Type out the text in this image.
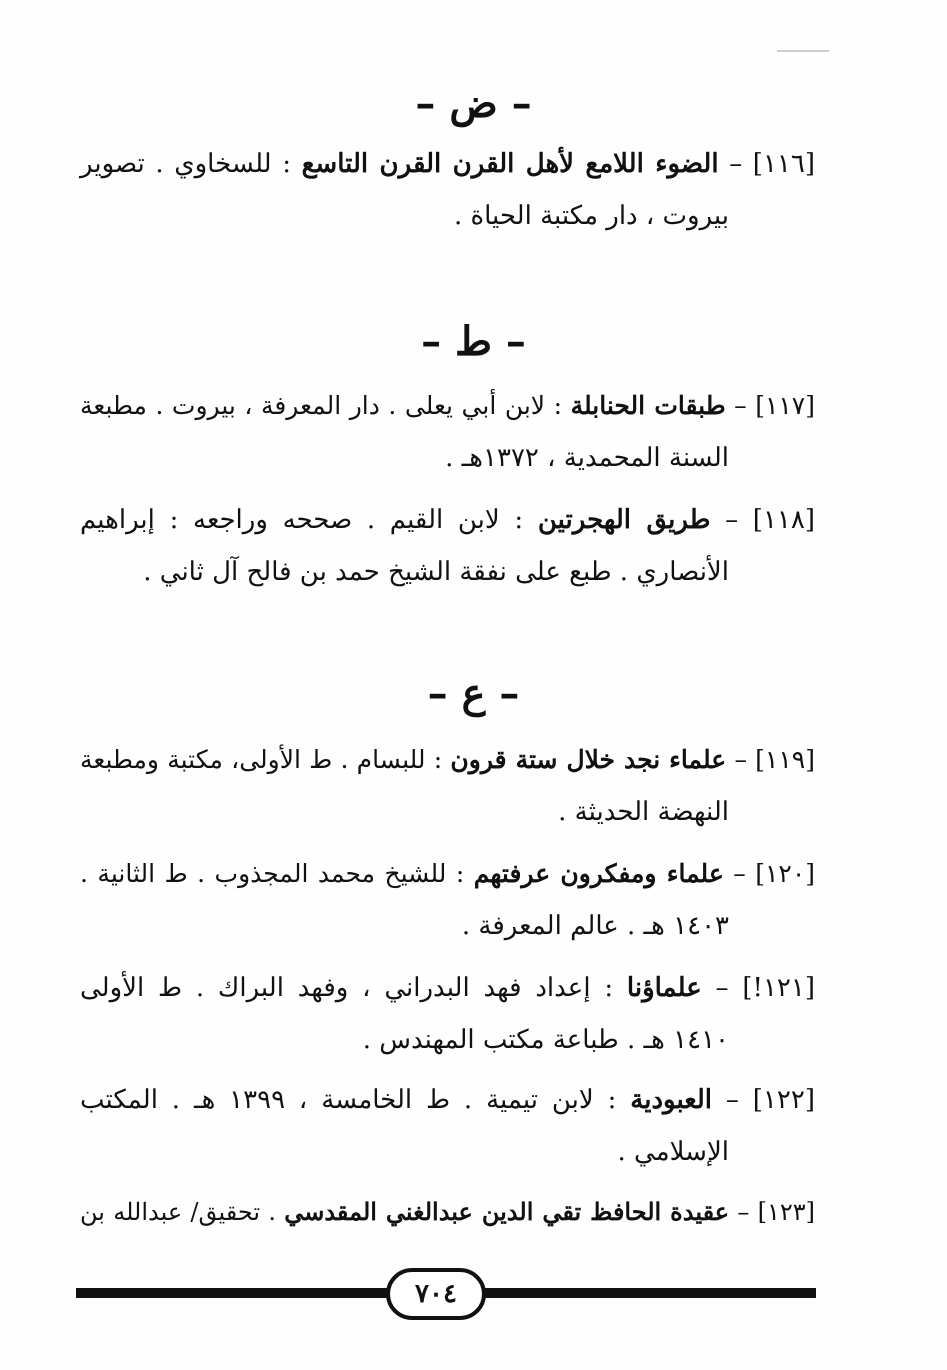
– ض –
[١١٦] – الضوء اللامع لأهل القرن القرن التاسع : للسخاوي . تصوير
بيروت ، دار مكتبة الحياة .
– ط –
[١١٧] – طبقات الحنابلة : لابن أبي يعلى . دار المعرفة ، بيروت . مطبعة
السنة المحمدية ، ١٣٧٢هـ .
[١١٨] – طريق الهجرتين : لابن القيم . صححه وراجعه : إبراهيم
الأنصاري . طبع على نفقة الشيخ حمد بن فالح آل ثاني .
– ع –
[١١٩] – علماء نجد خلال ستة قرون : للبسام . ط الأولى، مكتبة ومطبعة
النهضة الحديثة .
[١٢٠] – علماء ومفكرون عرفتهم : للشيخ محمد المجذوب . ط الثانية .
١٤٠٣ هـ . عالم المعرفة .
[١٢١!] – علماؤنا : إعداد فهد البدراني ، وفهد البراك . ط الأولى
١٤١٠ هـ . طباعة مكتب المهندس .
[١٢٢] – العبودية : لابن تيمية . ط الخامسة ، ١٣٩٩ هـ . المكتب
الإسلامي .
[١٢٣] – عقيدة الحافظ تقي الدين عبدالغني المقدسي . تحقيق/ عبدالله بن
٧٠٤
